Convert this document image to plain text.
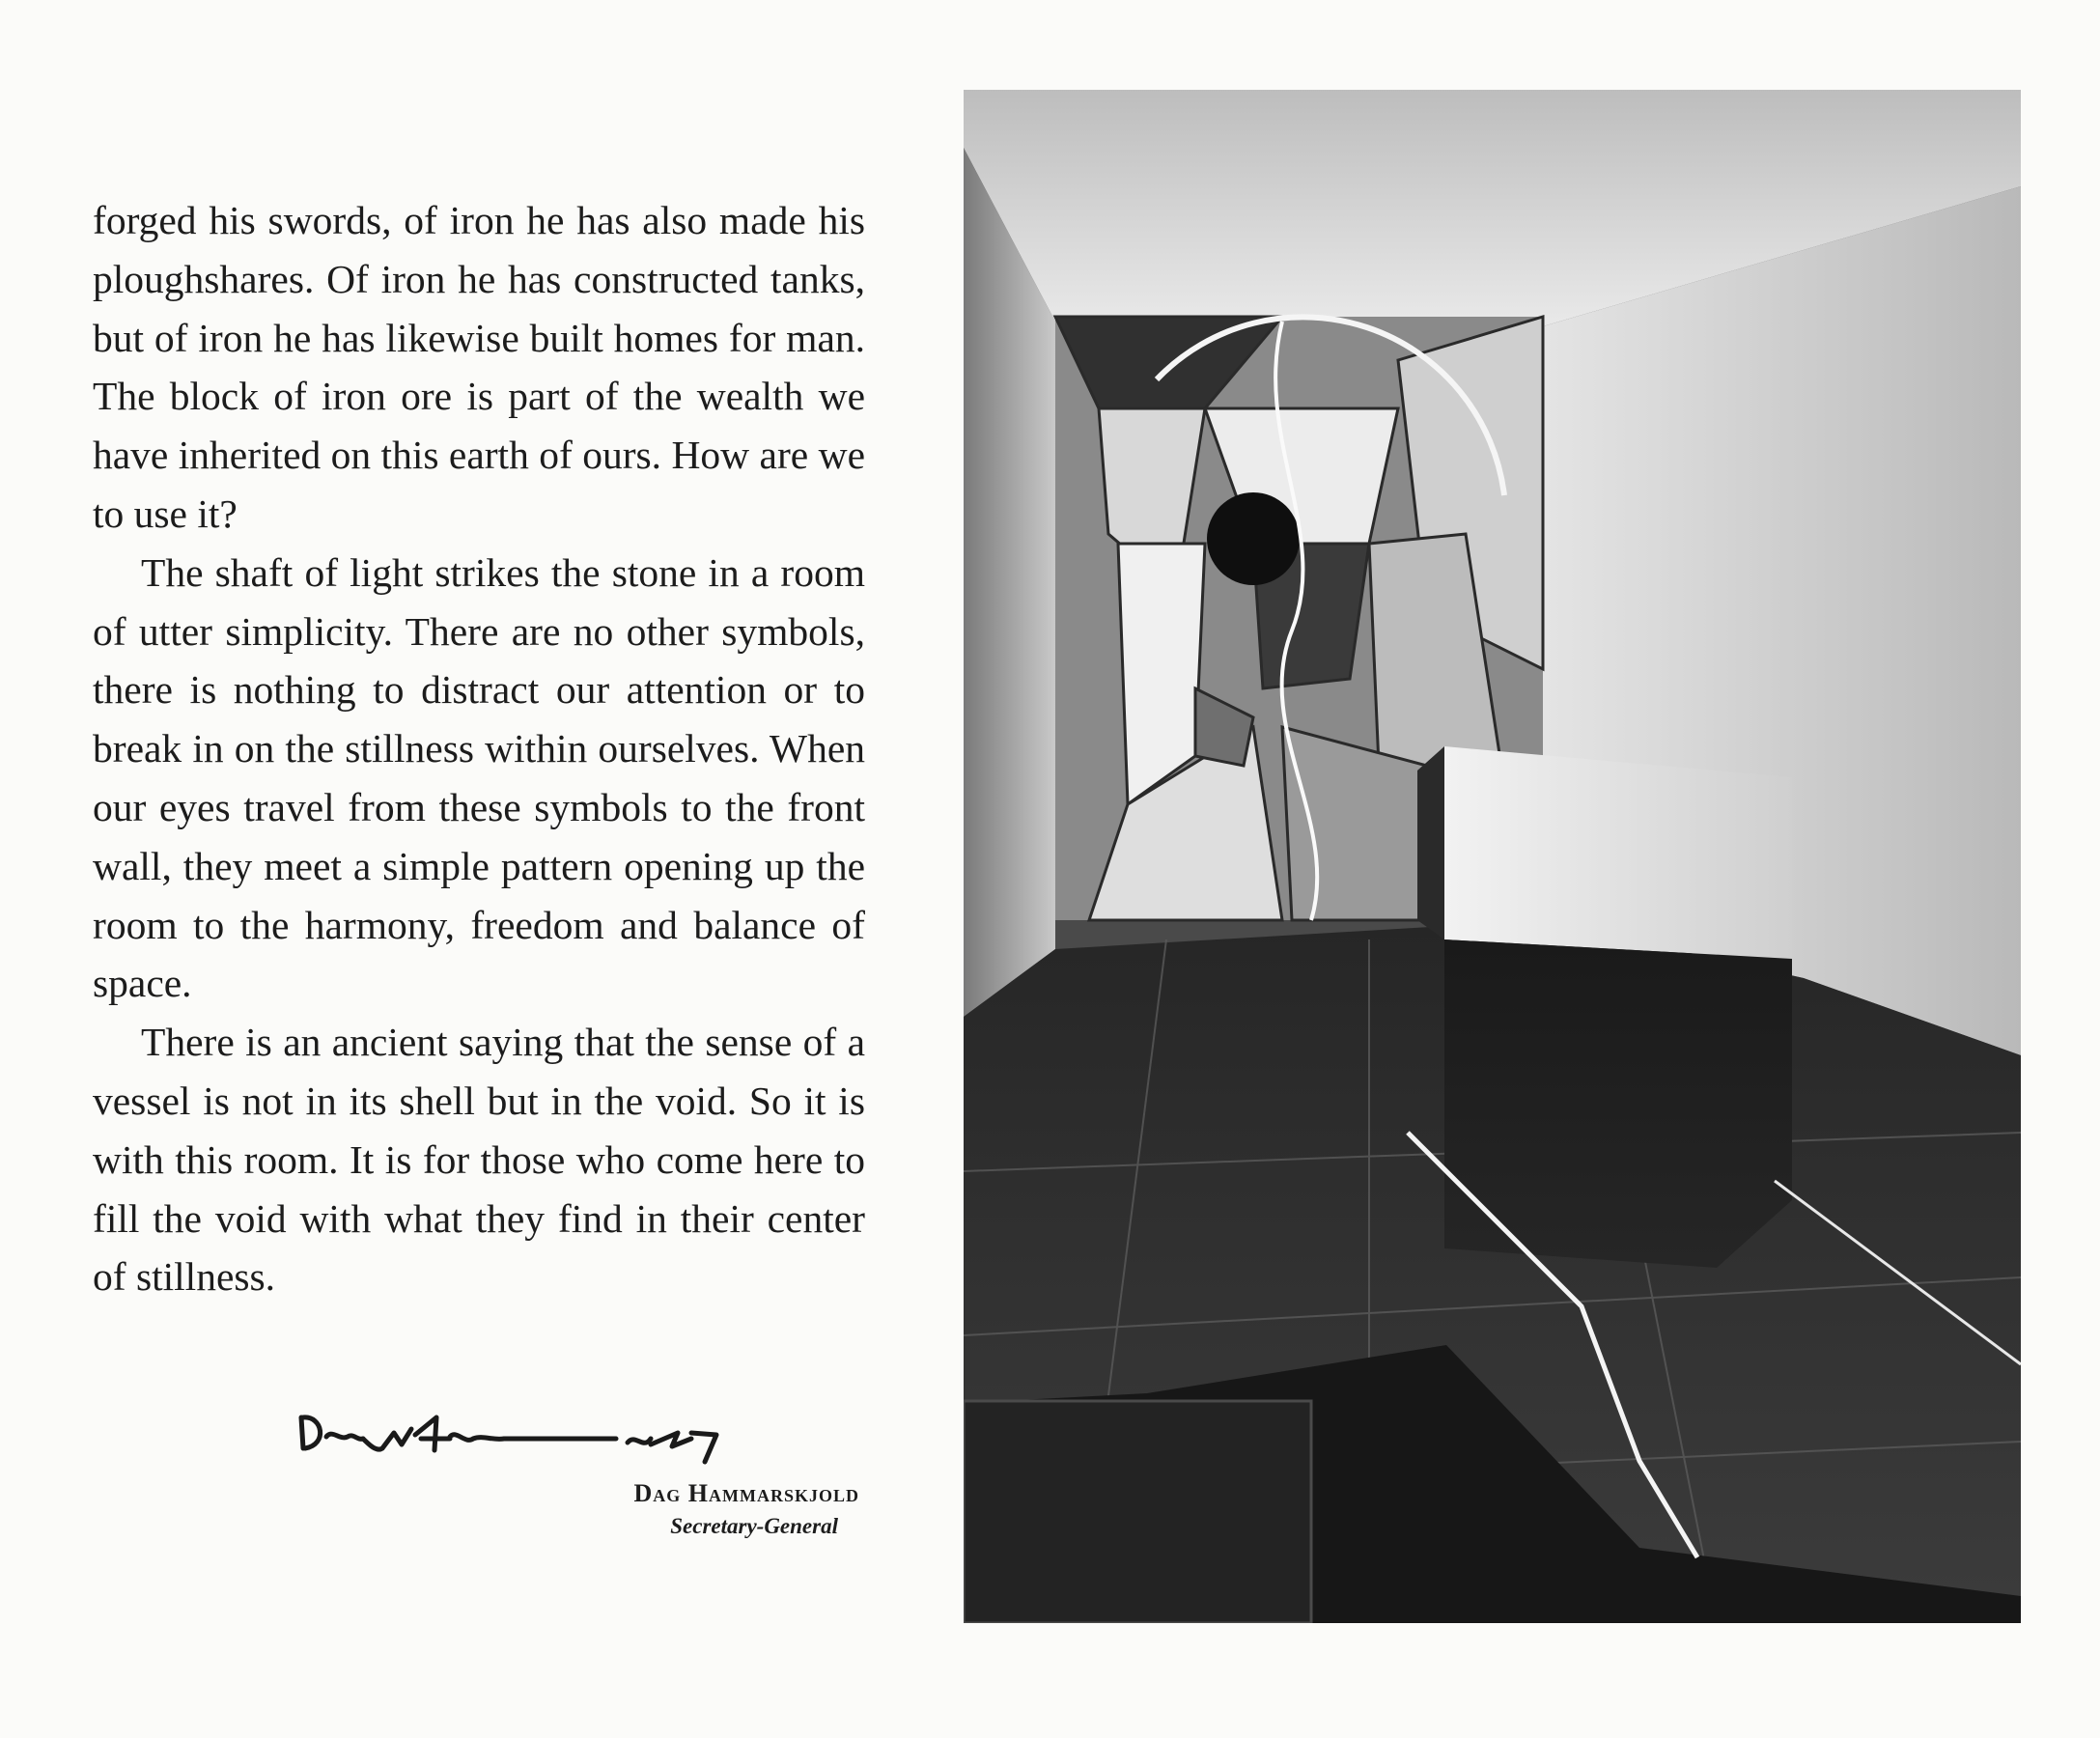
forged his swords, of iron he has also made his ploughshares. Of iron he has constructed tanks, but of iron he has likewise built homes for man. The block of iron ore is part of the wealth we have inherited on this earth of ours. How are we to use it?

The shaft of light strikes the stone in a room of utter simplicity. There are no other symbols, there is nothing to distract our attention or to break in on the stillness within ourselves. When our eyes travel from these symbols to the front wall, they meet a simple pattern opening up the room to the harmony, freedom and balance of space.

There is an ancient saying that the sense of a vessel is not in its shell but in the void. So it is with this room. It is for those who come here to fill the void with what they find in their center of stillness.

Dag Hammarskjold
Secretary-General
